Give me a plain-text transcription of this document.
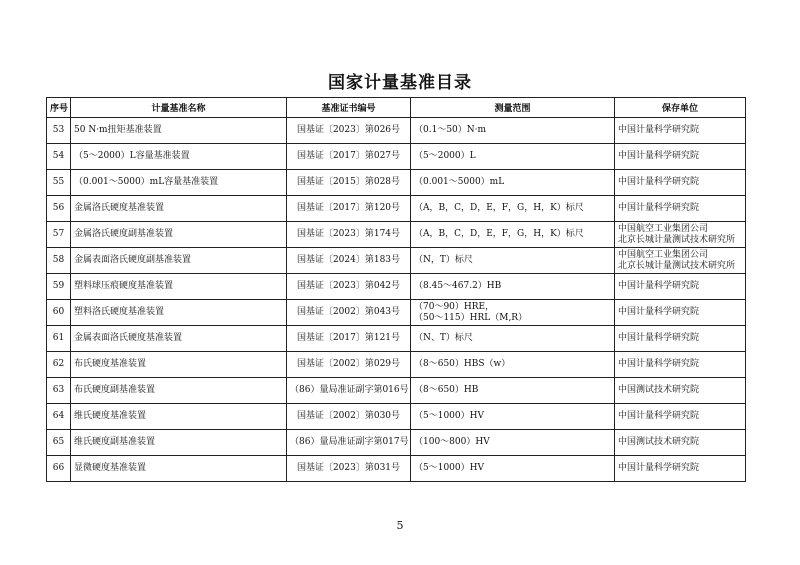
国家计量基准目录
序号	计量基准名称	基准证书编号	测量范围	保存单位
53	50 N·m扭矩基准装置	国基证〔2023〕第026号	（0.1～50）N·m	中国计量科学研究院

54	（5～2000）L容量基准装置	国基证〔2017〕第027号	（5～2000）L	中国计量科学研究院

55	（0.001～5000）mL容量基准装置	国基证〔2015〕第028号	（0.001～5000）mL	中国计量科学研究院

56	金属洛氏硬度基准装置	国基证〔2017〕第120号	（A，B，C，D，E，F，G，H，K）标尺	中国计量科学研究院

57	金属洛氏硬度副基准装置	国基证〔2023〕第174号	（A，B，C，D，E，F，G，H，K）标尺	中国航空工业集团公司
北京长城计量测试技术研究所

58	金属表面洛氏硬度副基准装置	国基证〔2024〕第183号	（N，T）标尺	中国航空工业集团公司
北京长城计量测试技术研究所

59	塑料球压痕硬度基准装置	国基证〔2023〕第042号	（8.45～467.2）HB	中国计量科学研究院

60	塑料洛氏硬度基准装置	国基证〔2002〕第043号	（70～90）HRE，
（50～115）HRL（M,R）	中国计量科学研究院

61	金属表面洛氏硬度基准装置	国基证〔2017〕第121号	（N、T）标尺	中国计量科学研究院

62	布氏硬度基准装置	国基证〔2002〕第029号	（8～650）HBS（w）	中国计量科学研究院

63	布氏硬度副基准装置	（86）量局准证副字第016号	（8～650）HB	中国测试技术研究院

64	维氏硬度基准装置	国基证〔2002〕第030号	（5～1000）HV	中国计量科学研究院

65	维氏硬度副基准装置	（86）量局准证副字第017号	（100～800）HV	中国测试技术研究院

66	显微硬度基准装置	国基证〔2023〕第031号	（5～1000）HV	中国计量科学研究院
5
